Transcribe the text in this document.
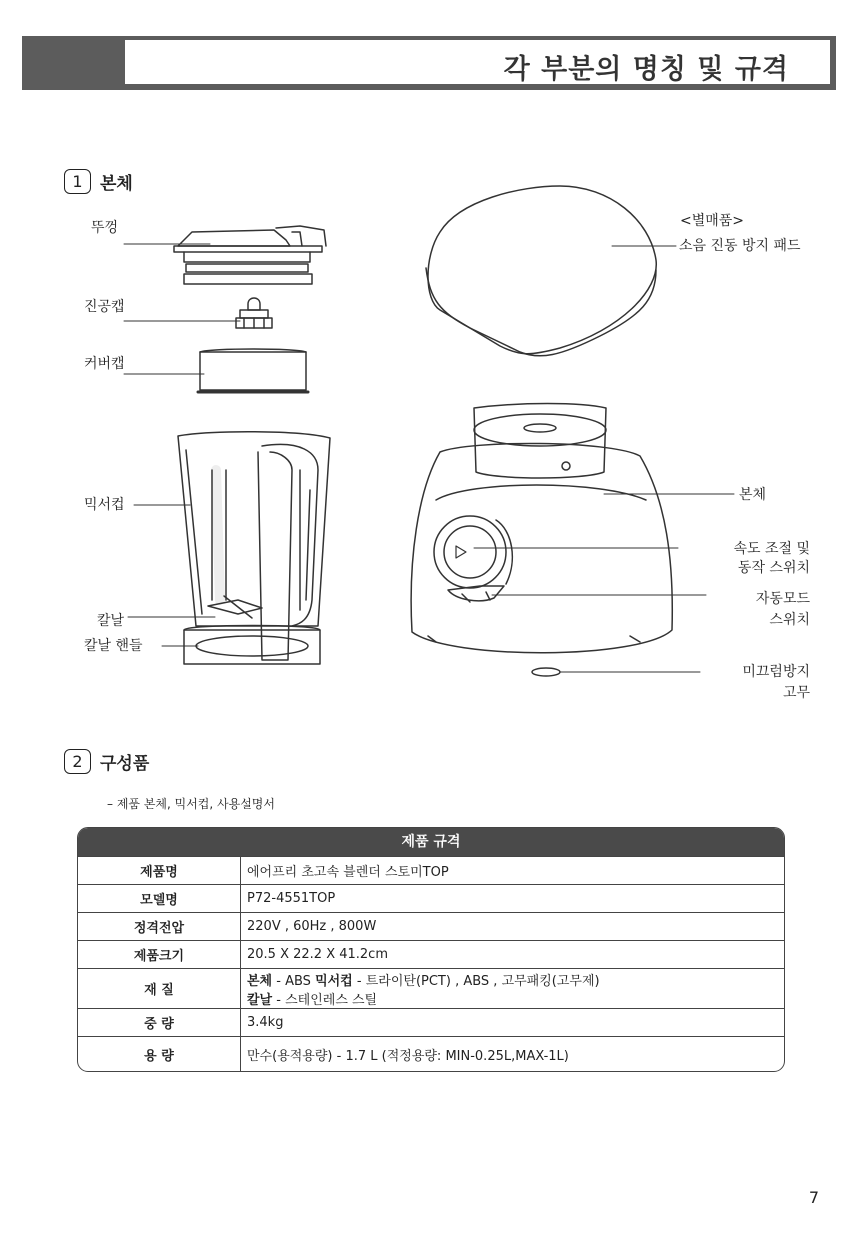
각 부분의 명칭 및 규격
1	본체
뚜껑
진공캡
커버캡
믹서컵
칼날
칼날 핸들
<별매품>
소음 진동 방지 패드
본체
속도 조절 및
동작 스위치
자동모드
스위치
미끄럼방지
고무
2	구성품
– 제품 본체, 믹서컵, 사용설명서
제품 규격
제품명	에어프리 초고속 블렌더 스토미TOP
모델명	P72-4551TOP
정격전압	220V , 60Hz , 800W
제품크기	20.5 X 22.2 X 41.2cm
재 질	본체 - ABS 믹서컵 - 트라이탄(PCT) , ABS , 고무패킹(고무제)
칼날 - 스테인레스 스틸
중 량	3.4kg
용 량	만수(용적용량) - 1.7 L (적정용량: MIN-0.25L,MAX-1L)
7
